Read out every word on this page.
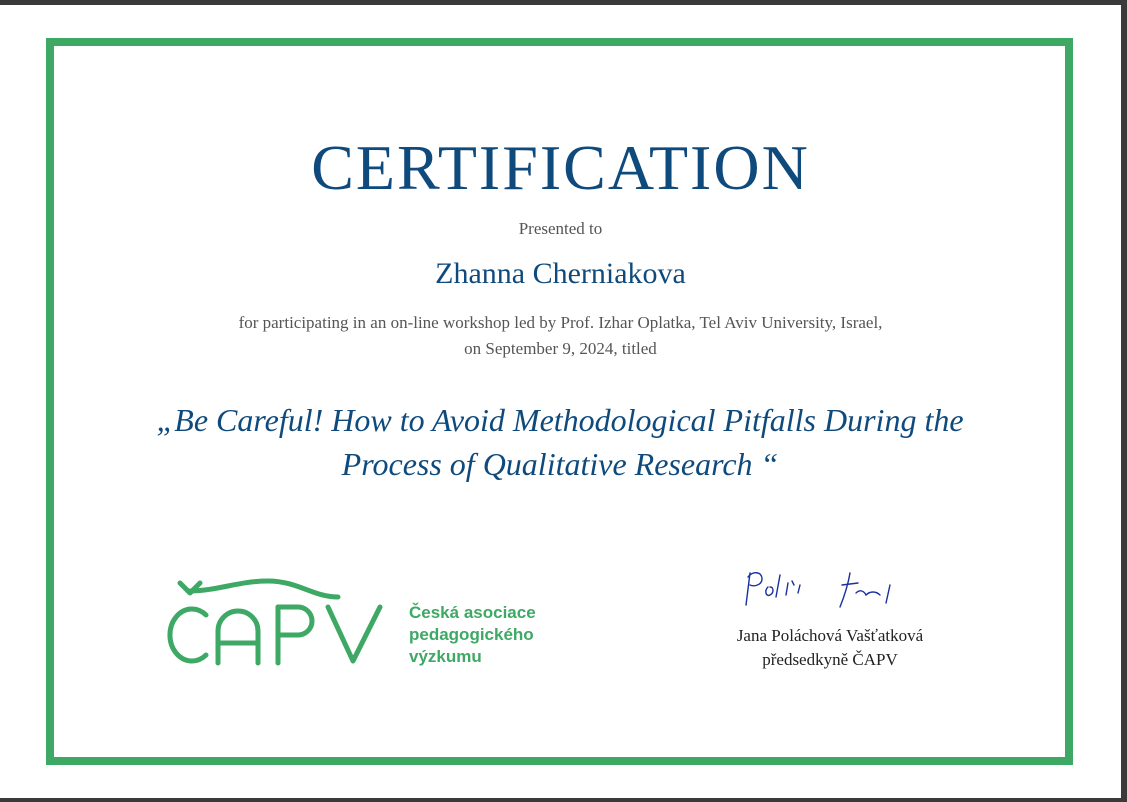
CERTIFICATION
Presented to
Zhanna Cherniakova
for participating in an on-line workshop led by Prof. Izhar Oplatka, Tel Aviv University, Israel,
on September 9, 2024, titled
„Be Careful! How to Avoid Methodological Pitfalls During the
Process of Qualitative Research “
Česká asociace
pedagogického
výzkumu
Jana Poláchová Vašťatková
předsedkyně ČAPV
